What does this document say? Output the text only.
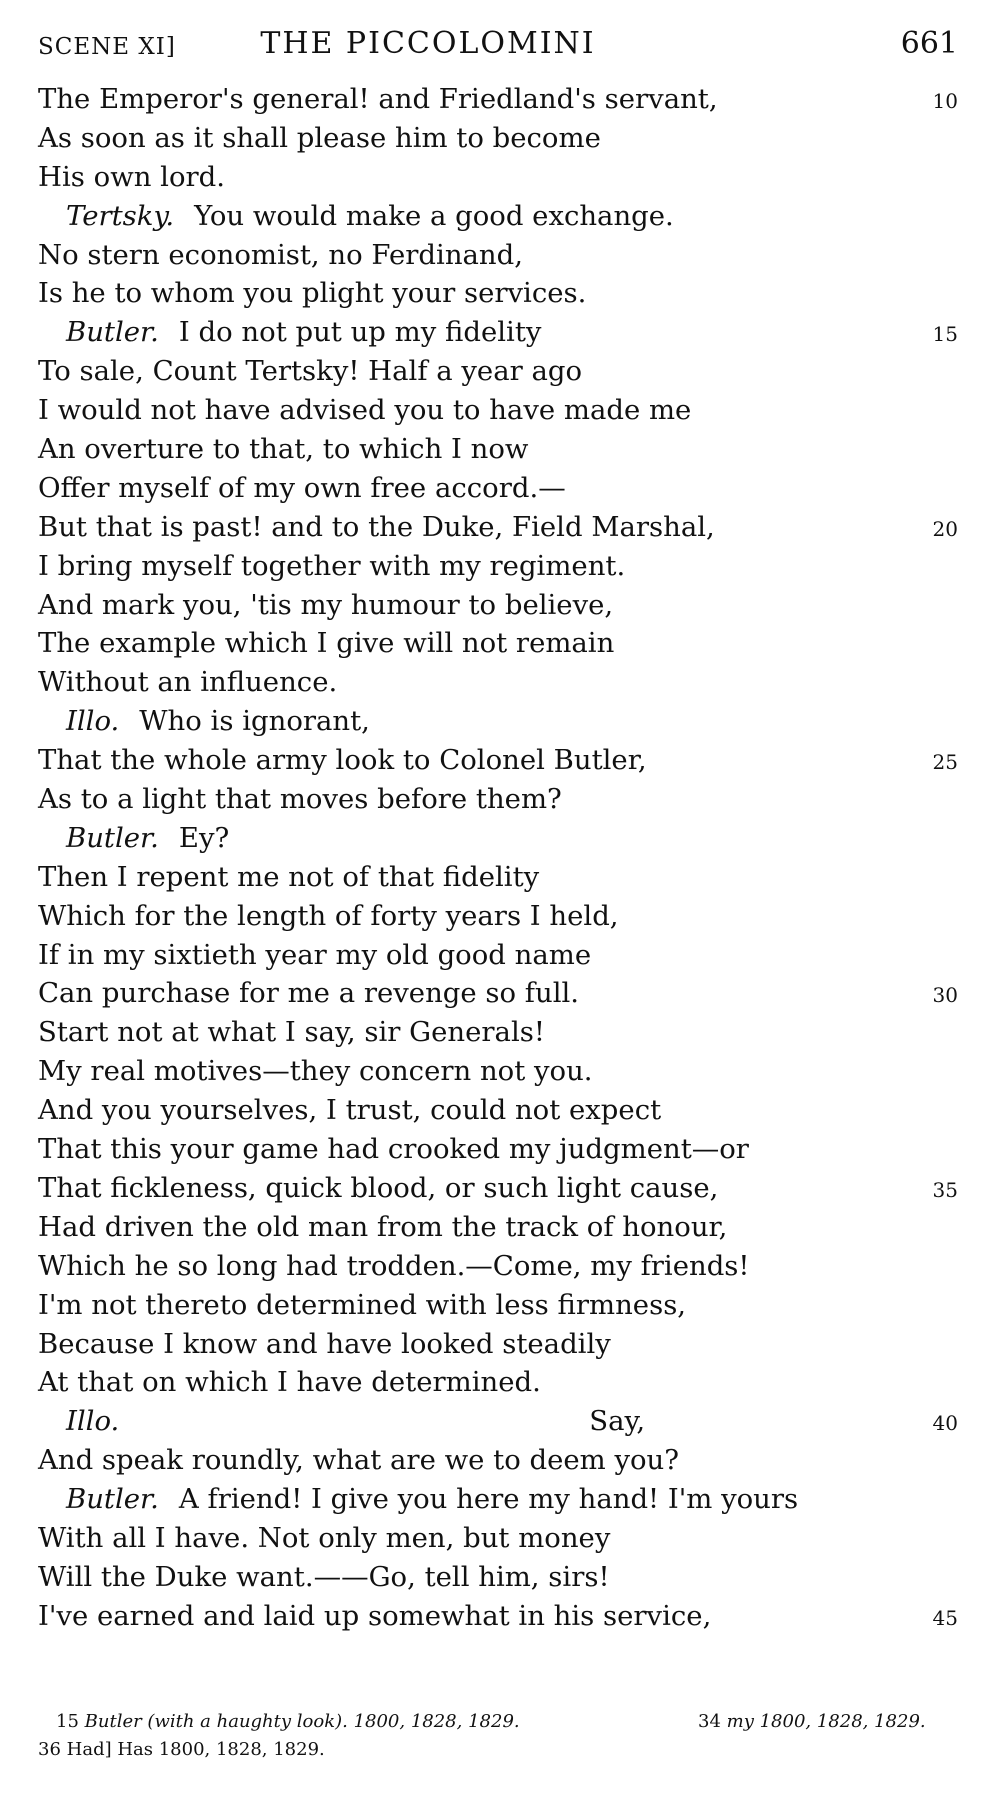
SCENE XI]	THE PICCOLOMINI	661
The Emperor's general! and Friedland's servant,	10
As soon as it shall please him to become
His own lord.
Tertsky. You would make a good exchange.
No stern economist, no Ferdinand,
Is he to whom you plight your services.
Butler. I do not put up my fidelity	15
To sale, Count Tertsky! Half a year ago
I would not have advised you to have made me
An overture to that, to which I now
Offer myself of my own free accord.—
But that is past! and to the Duke, Field Marshal,	20
I bring myself together with my regiment.
And mark you, 'tis my humour to believe,
The example which I give will not remain
Without an influence.
Illo. Who is ignorant,
That the whole army look to Colonel Butler,	25
As to a light that moves before them?
Butler. Ey?
Then I repent me not of that fidelity
Which for the length of forty years I held,
If in my sixtieth year my old good name
Can purchase for me a revenge so full.	30
Start not at what I say, sir Generals!
My real motives—they concern not you.
And you yourselves, I trust, could not expect
That this your game had crooked my judgment—or
That fickleness, quick blood, or such light cause,	35
Had driven the old man from the track of honour,
Which he so long had trodden.—Come, my friends!
I'm not thereto determined with less firmness,
Because I know and have looked steadily
At that on which I have determined.
Illo.	Say,	40
And speak roundly, what are we to deem you?
Butler. A friend! I give you here my hand! I'm yours
With all I have. Not only men, but money
Will the Duke want.——Go, tell him, sirs!
I've earned and laid up somewhat in his service,	45
15 Butler (with a haughty look). 1800, 1828, 1829.	34 my 1800, 1828, 1829.
36 Had] Has 1800, 1828, 1829.
